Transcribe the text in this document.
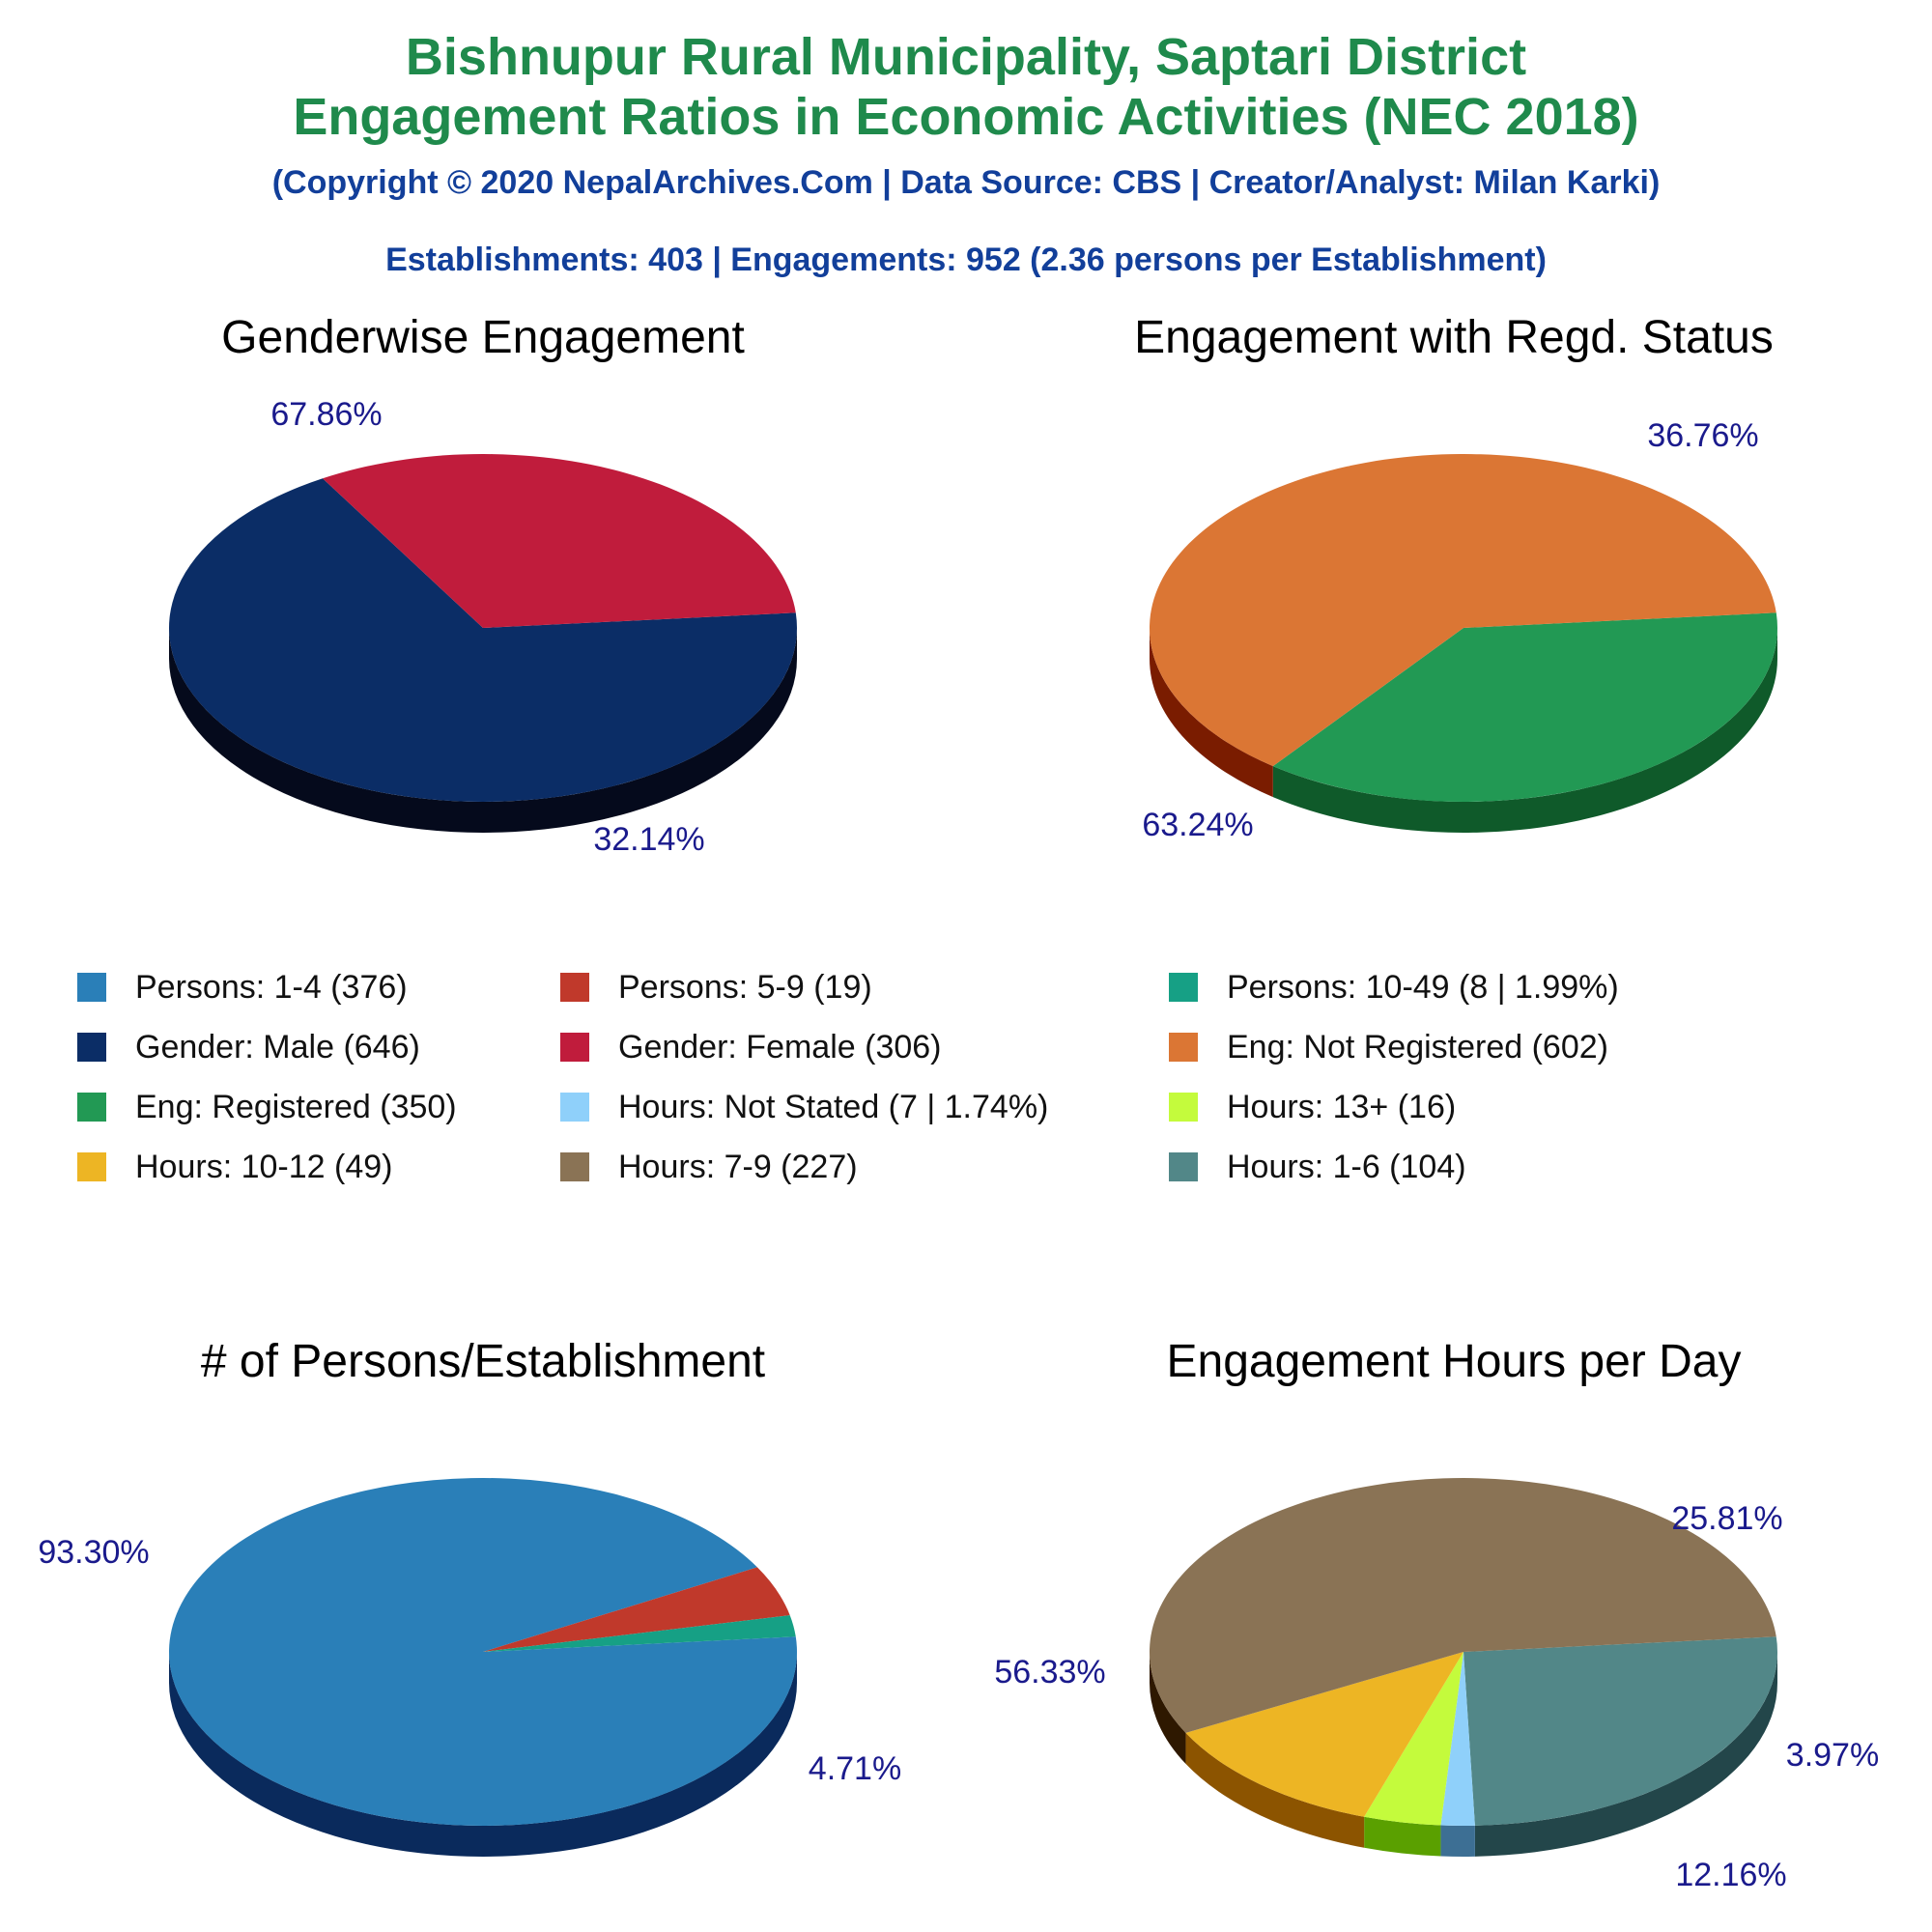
Bishnupur Rural Municipality, Saptari District
Engagement Ratios in Economic Activities (NEC 2018)
(Copyright © 2020 NepalArchives.Com | Data Source: CBS | Creator/Analyst: Milan Karki)
Establishments: 403 | Engagements: 952 (2.36 persons per Establishment)
Genderwise Engagement
67.86%
32.14%
Engagement with Regd. Status
36.76%
63.24%
# of Persons/Establishment
93.30%
4.71%
Engagement Hours per Day
25.81%
3.97%
12.16%
56.33%
Persons: 1-4 (376)	Persons: 5-9 (19)	Persons: 10-49 (8 | 1.99%)
Gender: Male (646)	Gender: Female (306)	Eng: Not Registered (602)
Eng: Registered (350)	Hours: Not Stated (7 | 1.74%)	Hours: 13+ (16)
Hours: 10-12 (49)	Hours: 7-9 (227)	Hours: 1-6 (104)
